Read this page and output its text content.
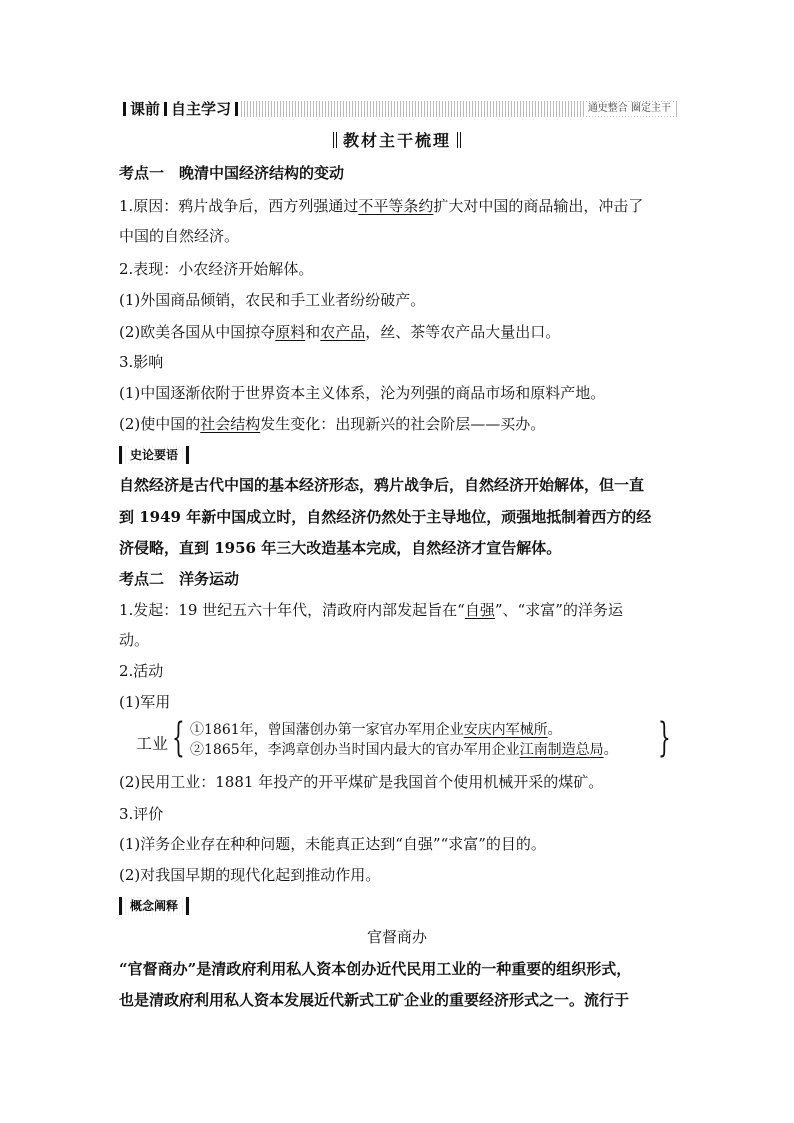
课前 自主学习	通史整合 圈定主干
教材主干梳理
考点一　晚清中国经济结构的变动
1.原因：鸦片战争后，西方列强通过不平等条约扩大对中国的商品输出，冲击了
中国的自然经济。
2.表现：小农经济开始解体。
(1)外国商品倾销，农民和手工业者纷纷破产。
(2)欧美各国从中国掠夺原料和农产品，丝、茶等农产品大量出口。
3.影响
(1)中国逐渐依附于世界资本主义体系，沦为列强的商品市场和原料产地。
(2)使中国的社会结构发生变化：出现新兴的社会阶层——买办。
史论要语
自然经济是古代中国的基本经济形态，鸦片战争后，自然经济开始解体，但一直
到 1949 年新中国成立时，自然经济仍然处于主导地位，顽强地抵制着西方的经
济侵略，直到 1956 年三大改造基本完成，自然经济才宣告解体。
考点二　洋务运动
1.发起：19 世纪五六十年代，清政府内部发起旨在“自强”、“求富”的洋务运
动。
2.活动
(1)军用
工业 {	}
①1861年，曾国藩创办第一家官办军用企业安庆内军械所。
②1865年，李鸿章创办当时国内最大的官办军用企业江南制造总局。
(2)民用工业：1881 年投产的开平煤矿是我国首个使用机械开采的煤矿。
3.评价
(1)洋务企业存在种种问题，未能真正达到“自强”“求富”的目的。
(2)对我国早期的现代化起到推动作用。
概念阐释
官督商办
“官督商办”是清政府利用私人资本创办近代民用工业的一种重要的组织形式，
也是清政府利用私人资本发展近代新式工矿企业的重要经济形式之一。流行于
